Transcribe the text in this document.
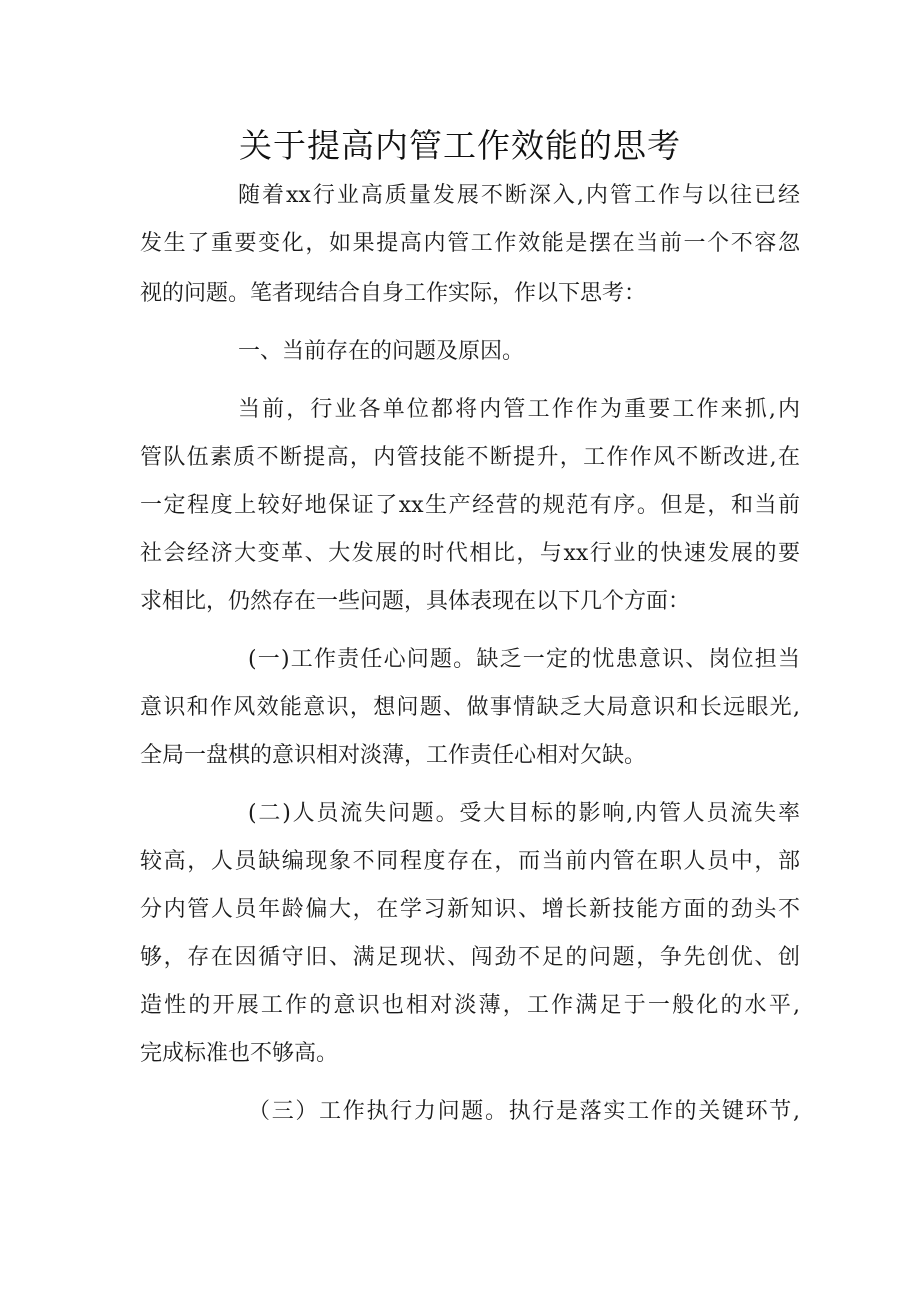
关于提高内管工作效能的思考

随着xx行业高质量发展不断深入,内管工作与以往已经

发生了重要变化，如果提高内管工作效能是摆在当前一个不容忽

视的问题。笔者现结合自身工作实际，作以下思考：

一、当前存在的问题及原因。

当前，行业各单位都将内管工作作为重要工作来抓,内

管队伍素质不断提高，内管技能不断提升，工作作风不断改进,在

一定程度上较好地保证了xx生产经营的规范有序。但是，和当前

社会经济大变革、大发展的时代相比，与xx行业的快速发展的要

求相比，仍然存在一些问题，具体表现在以下几个方面：

(一)工作责任心问题。缺乏一定的忧患意识、岗位担当

意识和作风效能意识，想问题、做事情缺乏大局意识和长远眼光,

全局一盘棋的意识相对淡薄，工作责任心相对欠缺。

(二)人员流失问题。受大目标的影响,内管人员流失率

较高，人员缺编现象不同程度存在，而当前内管在职人员中，部

分内管人员年龄偏大，在学习新知识、增长新技能方面的劲头不

够，存在因循守旧、满足现状、闯劲不足的问题，争先创优、创

造性的开展工作的意识也相对淡薄，工作满足于一般化的水平,

完成标准也不够高。

（三）工作执行力问题。执行是落实工作的关键环节,
